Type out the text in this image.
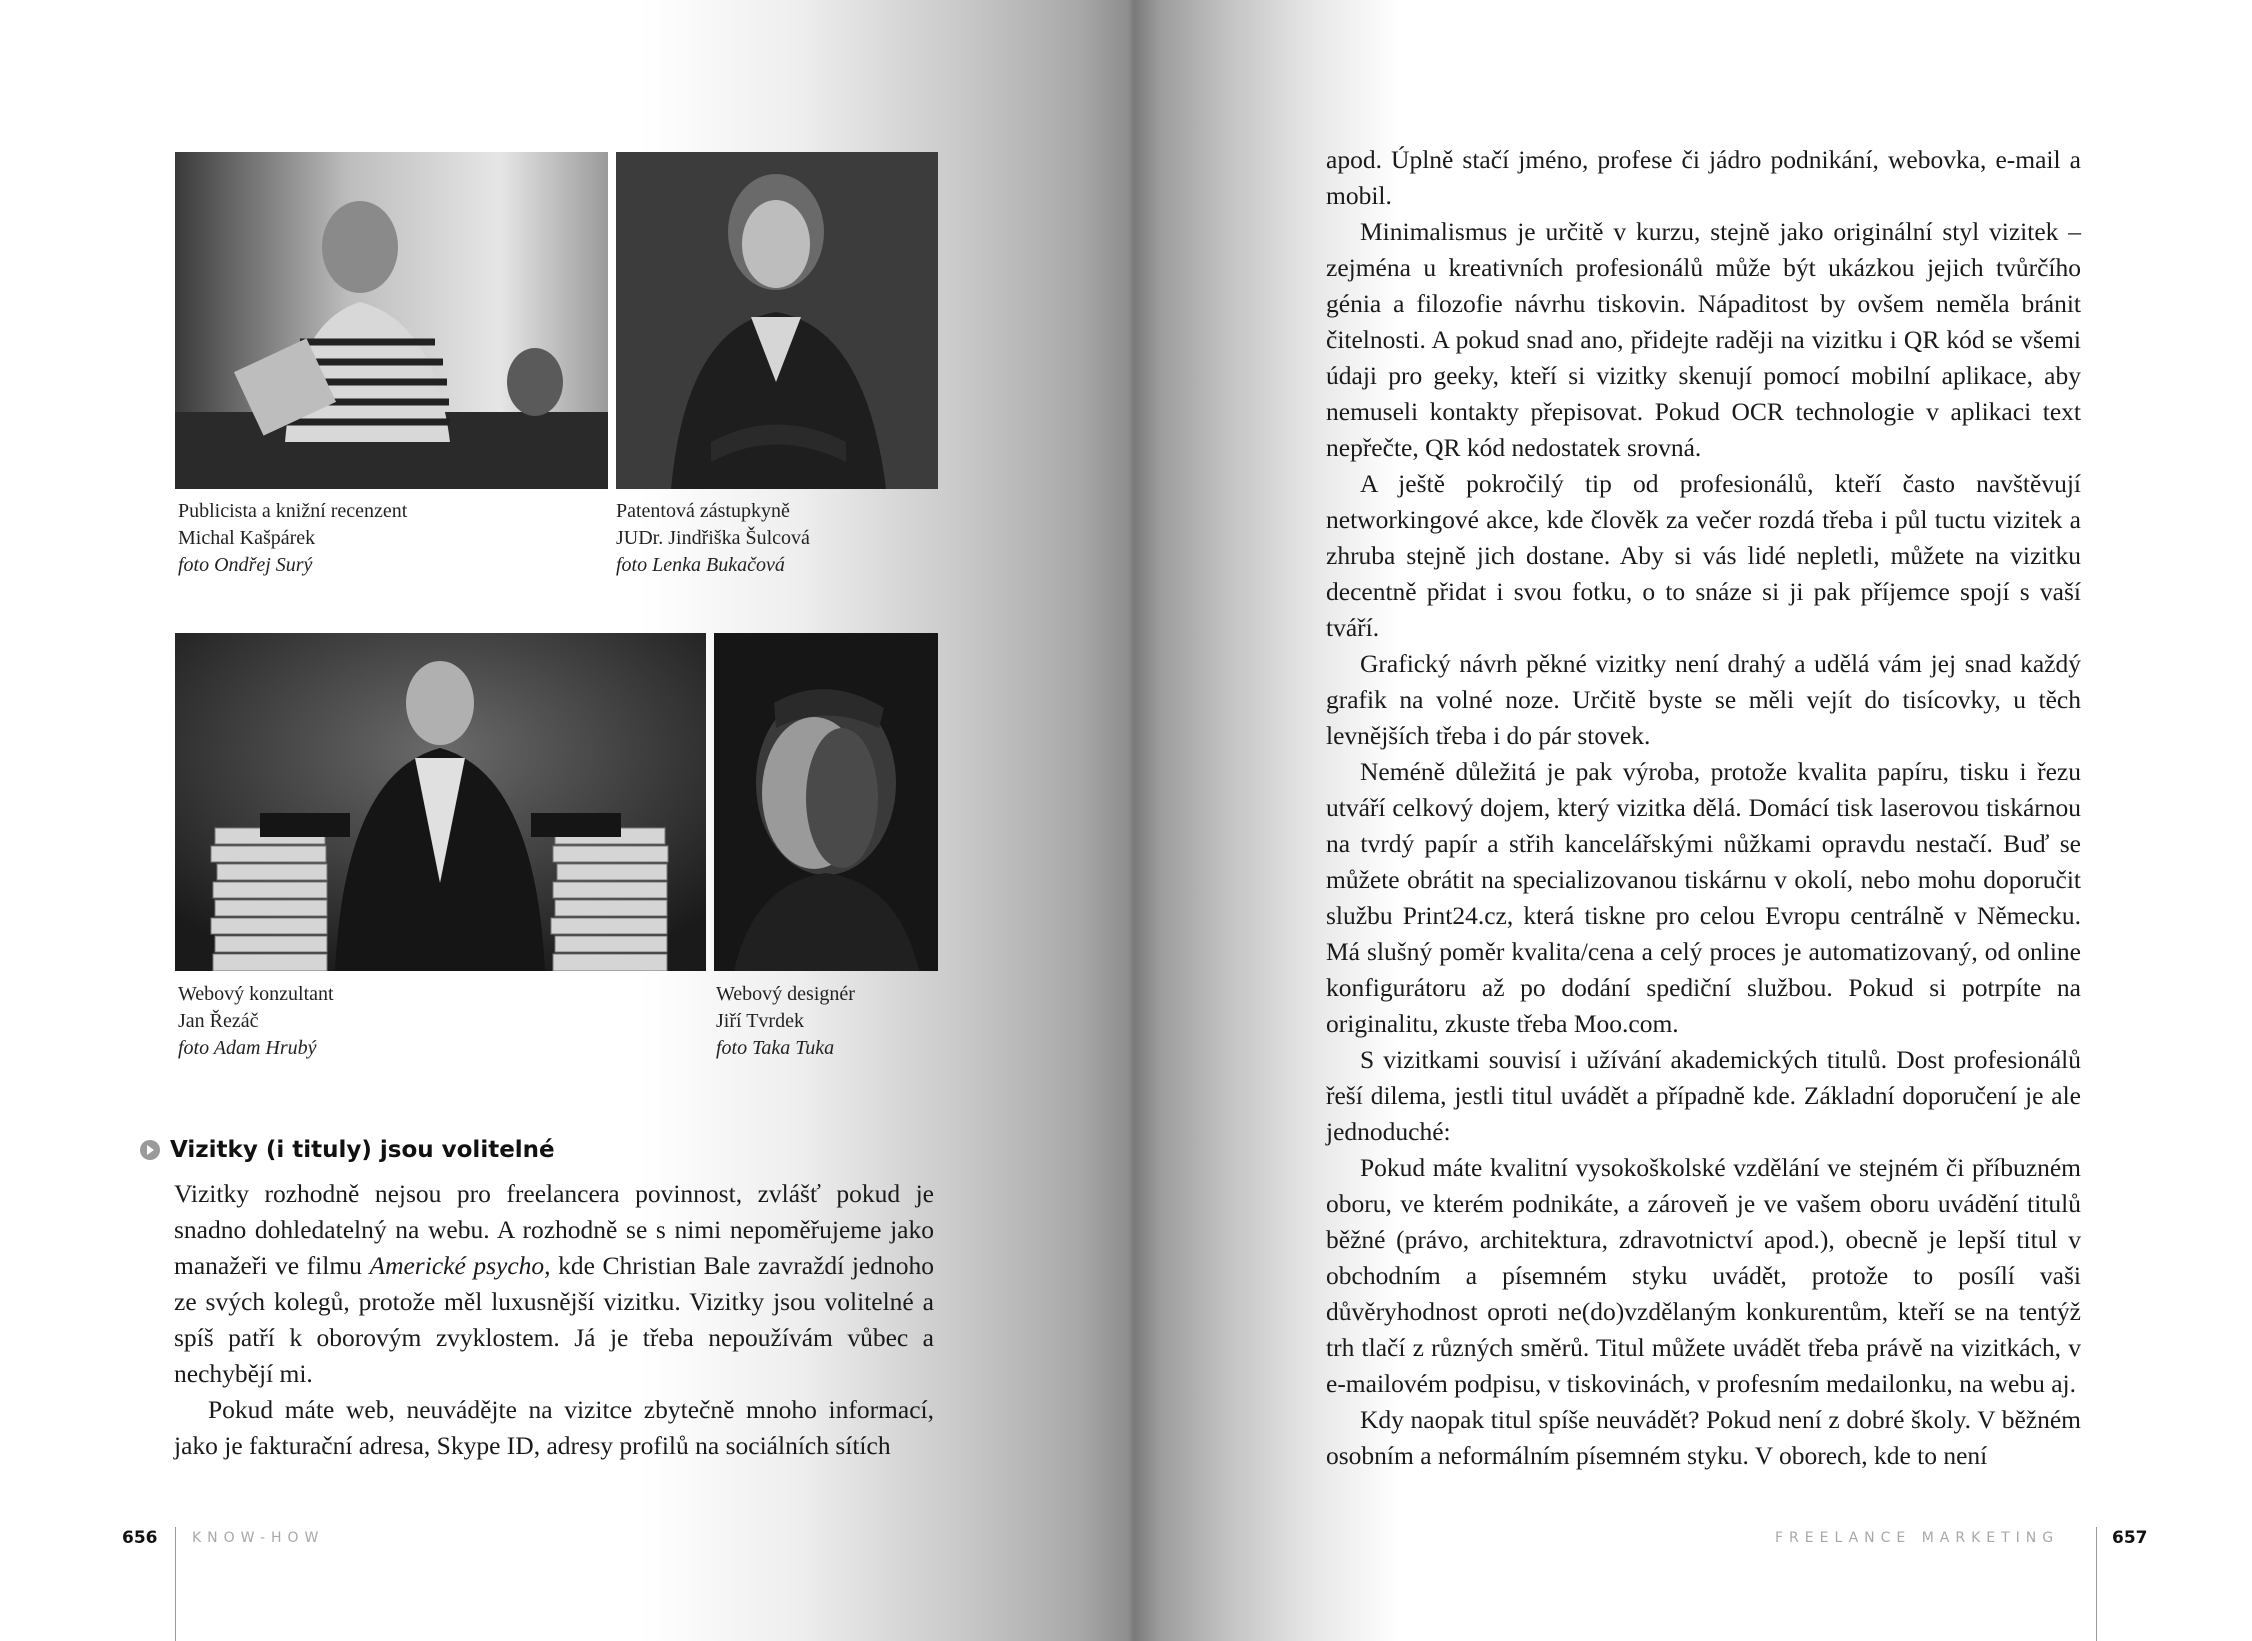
Publicista a knižní recenzent
Michal Kašpárek
foto Ondřej Surý
Patentová zástupkyně
JUDr. Jindřiška Šulcová
foto Lenka Bukačová
Webový konzultant
Jan Řezáč
foto Adam Hrubý
Webový designér
Jiří Tvrdek
foto Taka Tuka
Vizitky (i tituly) jsou volitelné

Vizitky rozhodně nejsou pro freelancera povinnost, zvlášť pokud je snadno dohledatelný na webu. A rozhodně se s nimi nepoměřujeme jako manažeři ve filmu Americké psycho, kde Christian Bale zavraždí jednoho ze svých kolegů, protože měl luxusnější vizitku. Vizitky jsou volitelné a spíš patří k oborovým zvyklostem. Já je třeba nepoužívám vůbec a nechybějí mi.

Pokud máte web, neuvádějte na vizitce zbytečně mnoho informací, jako je fakturační adresa, Skype ID, adresy profilů na sociálních sítích

656 KNOW-HOW

apod. Úplně stačí jméno, profese či jádro podnikání, webovka, e-mail a mobil.

Minimalismus je určitě v kurzu, stejně jako originální styl vizitek – zejména u kreativních profesionálů může být ukázkou jejich tvůrčího génia a filozofie návrhu tiskovin. Nápaditost by ovšem neměla bránit čitelnosti. A pokud snad ano, přidejte raději na vizitku i QR kód se všemi údaji pro geeky, kteří si vizitky skenují pomocí mobilní aplikace, aby nemuseli kontakty přepisovat. Pokud OCR technologie v aplikaci text nepřečte, QR kód nedostatek srovná.

A ještě pokročilý tip od profesionálů, kteří často navštěvují networkingové akce, kde člověk za večer rozdá třeba i půl tuctu vizitek a zhruba stejně jich dostane. Aby si vás lidé nepletli, můžete na vizitku decentně přidat i svou fotku, o to snáze si ji pak příjemce spojí s vaší tváří.

Grafický návrh pěkné vizitky není drahý a udělá vám jej snad každý grafik na volné noze. Určitě byste se měli vejít do tisícovky, u těch levnějších třeba i do pár stovek.

Neméně důležitá je pak výroba, protože kvalita papíru, tisku i řezu utváří celkový dojem, který vizitka dělá. Domácí tisk laserovou tiskárnou na tvrdý papír a střih kancelářskými nůžkami opravdu nestačí. Buď se můžete obrátit na specializovanou tiskárnu v okolí, nebo mohu doporučit službu Print24.cz, která tiskne pro celou Evropu centrálně v Německu. Má slušný poměr kvalita/cena a celý proces je automatizovaný, od online konfigurátoru až po dodání spediční službou. Pokud si potrpíte na originalitu, zkuste třeba Moo.com.

S vizitkami souvisí i užívání akademických titulů. Dost profesionálů řeší dilema, jestli titul uvádět a případně kde. Základní doporučení je ale jednoduché:

Pokud máte kvalitní vysokoškolské vzdělání ve stejném či příbuzném oboru, ve kterém podnikáte, a zároveň je ve vašem oboru uvádění titulů běžné (právo, architektura, zdravotnictví apod.), obecně je lepší titul v obchodním a písemném styku uvádět, protože to posílí vaši důvěryhodnost oproti ne(do)vzdělaným konkurentům, kteří se na tentýž trh tlačí z různých směrů. Titul můžete uvádět třeba právě na vizitkách, v e-mailovém podpisu, v tiskovinách, v profesním medailonku, na webu aj.

Kdy naopak titul spíše neuvádět? Pokud není z dobré školy. V běžném osobním a neformálním písemném styku. V oborech, kde to není

FREELANCE MARKETING	657
